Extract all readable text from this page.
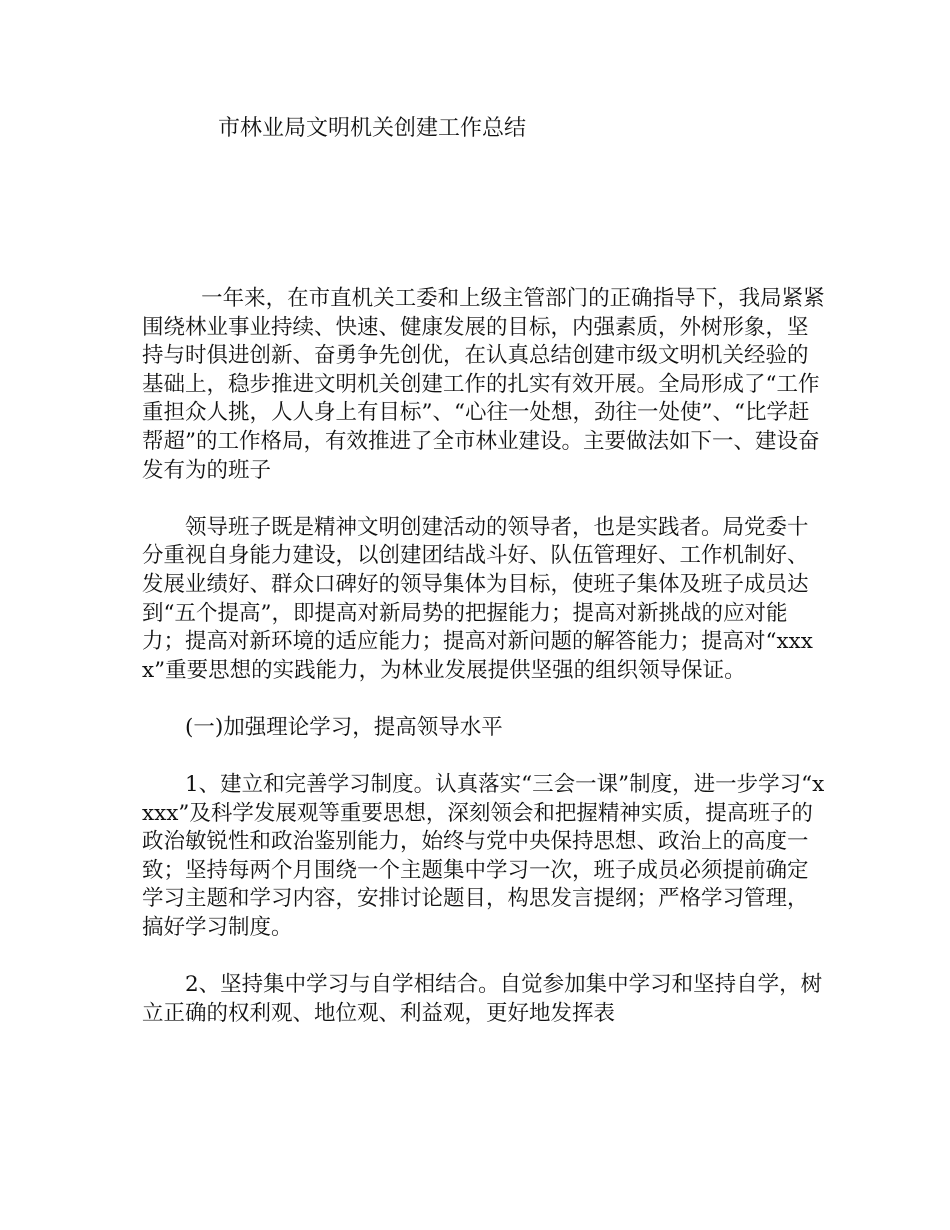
市林业局文明机关创建工作总结

一年来，在市直机关工委和上级主管部门的正确指导下，我局紧紧围绕林业事业持续、快速、健康发展的目标，内强素质，外树形象，坚持与时俱进创新、奋勇争先创优，在认真总结创建市级文明机关经验的基础上，稳步推进文明机关创建工作的扎实有效开展。全局形成了“工作重担众人挑，人人身上有目标”、“心往一处想，劲往一处使”、“比学赶帮超”的工作格局，有效推进了全市林业建设。主要做法如下一、建设奋发有为的班子

领导班子既是精神文明创建活动的领导者，也是实践者。局党委十分重视自身能力建设，以创建团结战斗好、队伍管理好、工作机制好、发展业绩好、群众口碑好的领导集体为目标，使班子集体及班子成员达到“五个提高”，即提高对新局势的把握能力；提高对新挑战的应对能力；提高对新环境的适应能力；提高对新问题的解答能力；提高对“xxxx”重要思想的实践能力，为林业发展提供坚强的组织领导保证。

(一)加强理论学习，提高领导水平

1、建立和完善学习制度。认真落实“三会一课”制度，进一步学习“xxxx”及科学发展观等重要思想，深刻领会和把握精神实质，提高班子的政治敏锐性和政治鉴别能力，始终与党中央保持思想、政治上的高度一致；坚持每两个月围绕一个主题集中学习一次，班子成员必须提前确定学习主题和学习内容，安排讨论题目，构思发言提纲；严格学习管理，搞好学习制度。

2、坚持集中学习与自学相结合。自觉参加集中学习和坚持自学，树立正确的权利观、地位观、利益观，更好地发挥表
